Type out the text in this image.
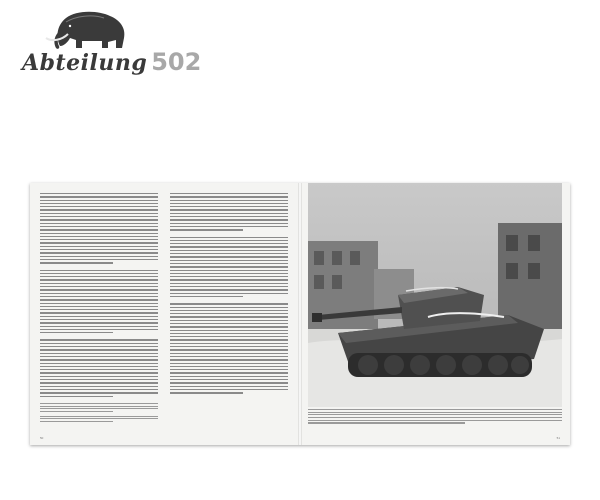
Abteilung 502
50	51
